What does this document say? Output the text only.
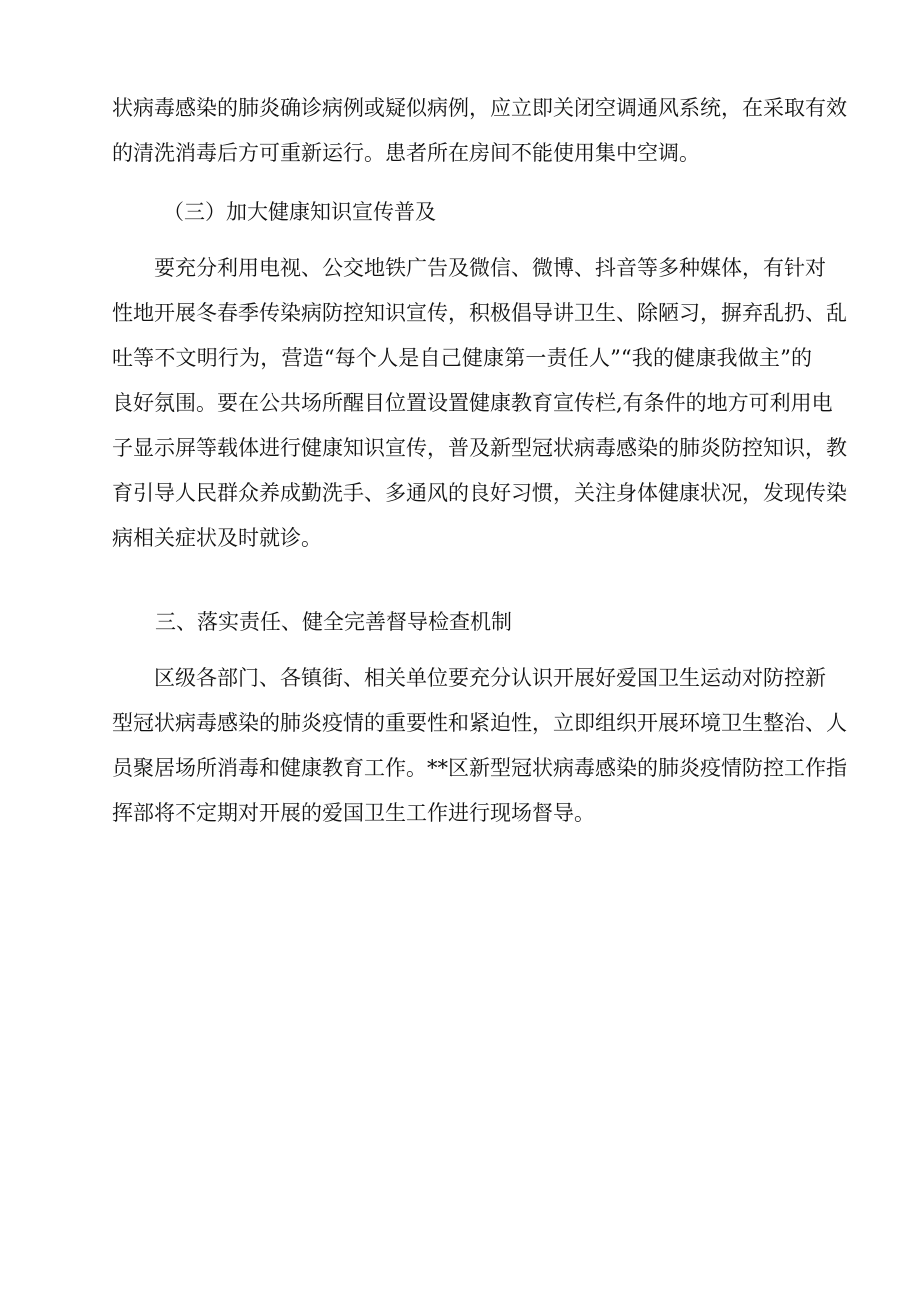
状病毒感染的肺炎确诊病例或疑似病例，应立即关闭空调通风系统，在采取有效
的清洗消毒后方可重新运行。患者所在房间不能使用集中空调。
（三）加大健康知识宣传普及
要充分利用电视、公交地铁广告及微信、微博、抖音等多种媒体，有针对
性地开展冬春季传染病防控知识宣传，积极倡导讲卫生、除陋习，摒弃乱扔、乱
吐等不文明行为，营造“每个人是自己健康第一责任人”“我的健康我做主”的
良好氛围。要在公共场所醒目位置设置健康教育宣传栏,有条件的地方可利用电
子显示屏等载体进行健康知识宣传，普及新型冠状病毒感染的肺炎防控知识，教
育引导人民群众养成勤洗手、多通风的良好习惯，关注身体健康状况，发现传染
病相关症状及时就诊。
三、落实责任、健全完善督导检查机制
区级各部门、各镇街、相关单位要充分认识开展好爱国卫生运动对防控新
型冠状病毒感染的肺炎疫情的重要性和紧迫性，立即组织开展环境卫生整治、人
员聚居场所消毒和健康教育工作。**区新型冠状病毒感染的肺炎疫情防控工作指
挥部将不定期对开展的爱国卫生工作进行现场督导。
